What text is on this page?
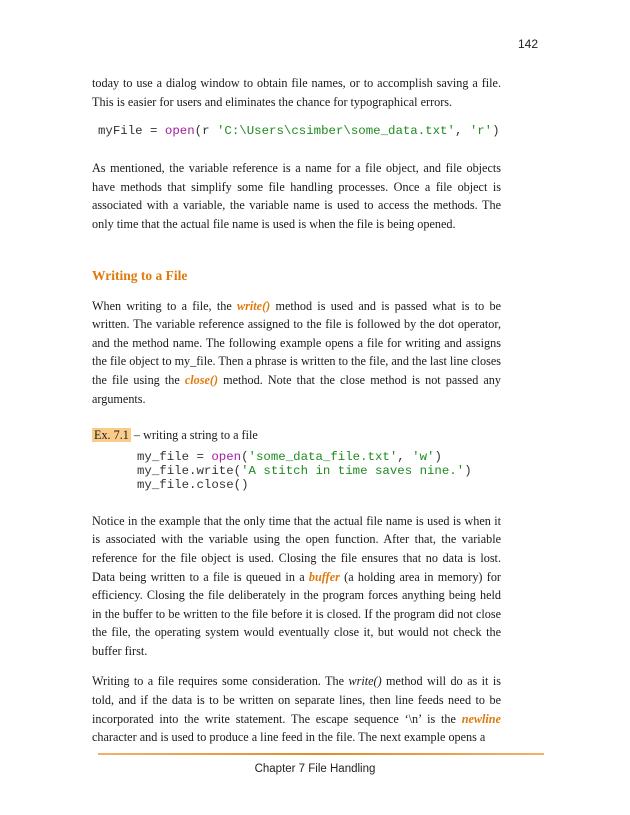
142

today to use a dialog window to obtain file names, or to accomplish saving a file. This is easier for users and eliminates the chance for typographical errors.

myFile = open(r 'C:\Users\csimber\some_data.txt', 'r')

As mentioned, the variable reference is a name for a file object, and file objects have methods that simplify some file handling processes. Once a file object is associated with a variable, the variable name is used to access the methods. The only time that the actual file name is used is when the file is being opened.

Writing to a File

When writing to a file, the write() method is used and is passed what is to be written. The variable reference assigned to the file is followed by the dot operator, and the method name. The following example opens a file for writing and assigns the file object to my_file. Then a phrase is written to the file, and the last line closes the file using the close() method. Note that the close method is not passed any arguments.

Ex. 7.1 – writing a string to a file

my_file = open('some_data_file.txt', 'w')
my_file.write('A stitch in time saves nine.')
my_file.close()

Notice in the example that the only time that the actual file name is used is when it is associated with the variable using the open function. After that, the variable reference for the file object is used. Closing the file ensures that no data is lost. Data being written to a file is queued in a buffer (a holding area in memory) for efficiency. Closing the file deliberately in the program forces anything being held in the buffer to be written to the file before it is closed. If the program did not close the file, the operating system would eventually close it, but would not check the buffer first.

Writing to a file requires some consideration. The write() method will do as it is told, and if the data is to be written on separate lines, then line feeds need to be incorporated into the write statement. The escape sequence ‘\n’ is the newline character and is used to produce a line feed in the file. The next example opens a

Chapter 7 File Handling
